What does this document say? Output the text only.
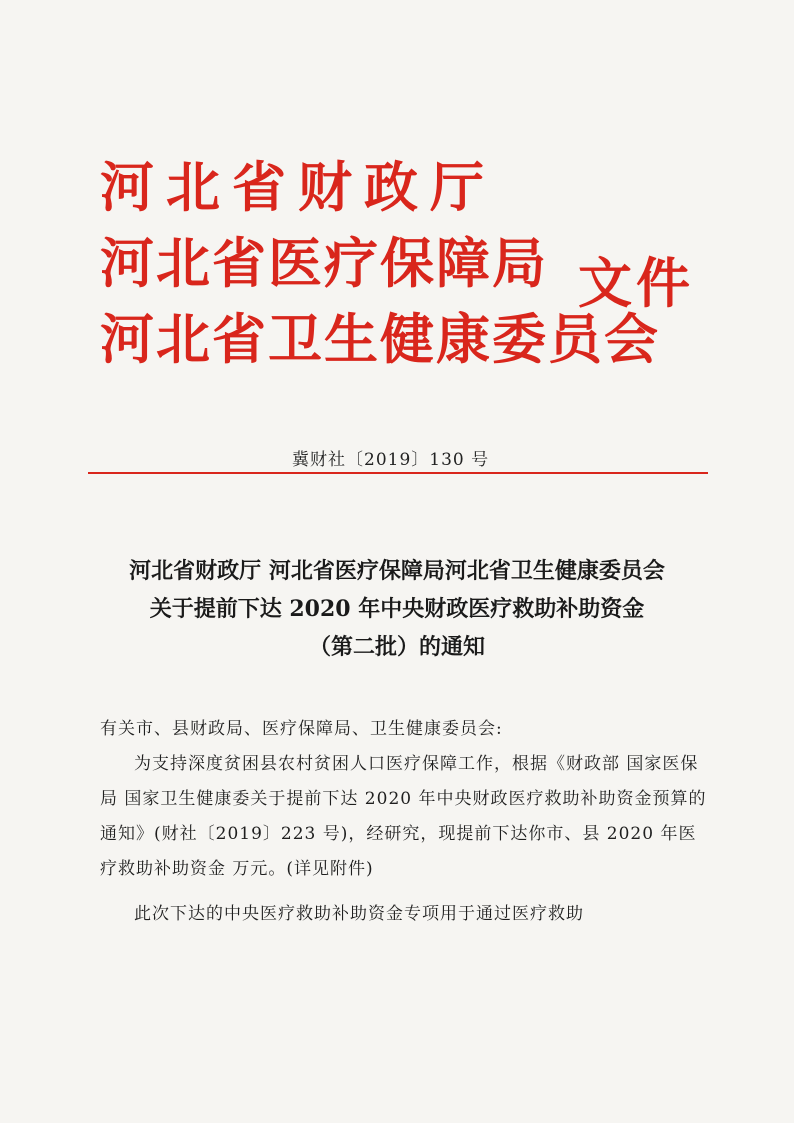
河北省财政厅
河北省医疗保障局
河北省卫生健康委员会
文件
冀财社〔2019〕130 号
河北省财政厅 河北省医疗保障局河北省卫生健康委员会
关于提前下达 2020 年中央财政医疗救助补助资金
（第二批）的通知

有关市、县财政局、医疗保障局、卫生健康委员会:

为支持深度贫困县农村贫困人口医疗保障工作，根据《财政部 国家医保局 国家卫生健康委关于提前下达 2020 年中央财政医疗救助补助资金预算的通知》(财社〔2019〕223 号)，经研究，现提前下达你市、县 2020 年医疗救助补助资金 万元。(详见附件)

此次下达的中央医疗救助补助资金专项用于通过医疗救助
